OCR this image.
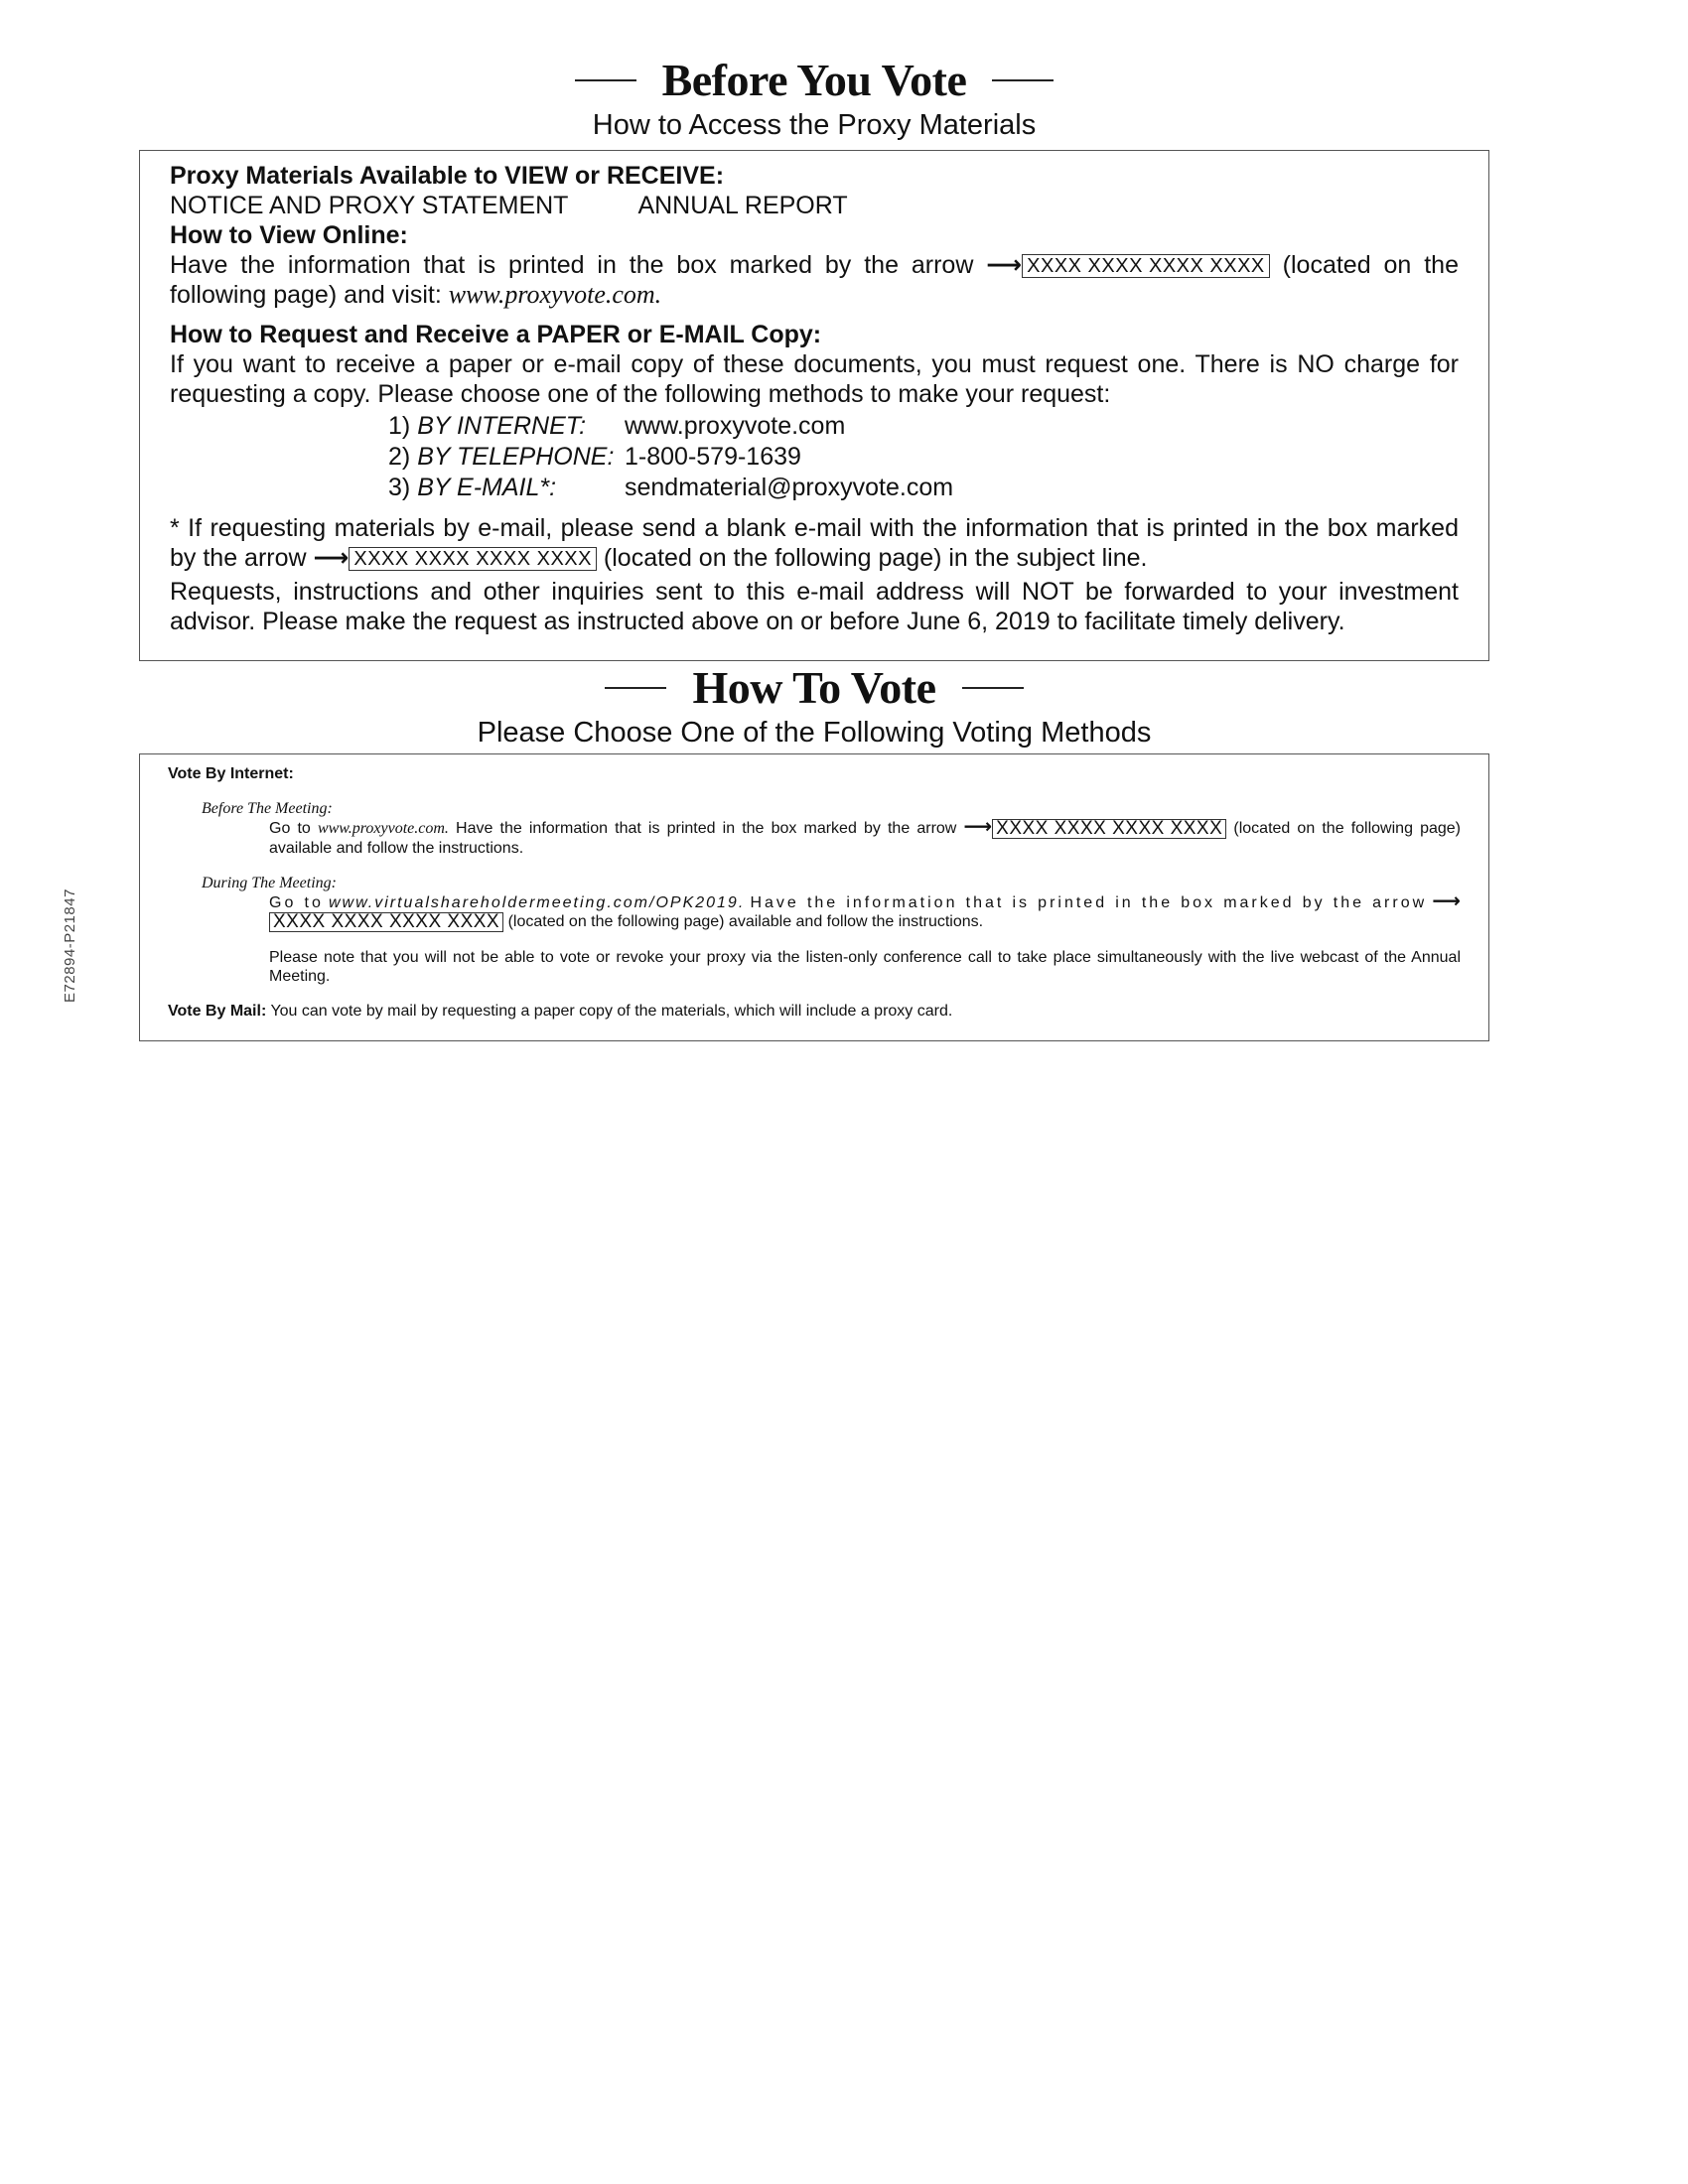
E72894-P21847
Before You Vote
How to Access the Proxy Materials
Proxy Materials Available to VIEW or RECEIVE:
NOTICE AND PROXY STATEMENT	ANNUAL REPORT
How to View Online:
Have the information that is printed in the box marked by the arrow ⟶ XXXX XXXX XXXX XXXX (located on the following page) and visit: www.proxyvote.com.
How to Request and Receive a PAPER or E-MAIL Copy:
If you want to receive a paper or e-mail copy of these documents, you must request one. There is NO charge for requesting a copy. Please choose one of the following methods to make your request:
1) BY INTERNET:	www.proxyvote.com
2) BY TELEPHONE: 1-800-579-1639
3) BY E-MAIL*:	sendmaterial@proxyvote.com
* If requesting materials by e-mail, please send a blank e-mail with the information that is printed in the box marked by the arrow ⟶ XXXX XXXX XXXX XXXX (located on the following page) in the subject line.
Requests, instructions and other inquiries sent to this e-mail address will NOT be forwarded to your investment advisor. Please make the request as instructed above on or before June 6, 2019 to facilitate timely delivery.
How To Vote
Please Choose One of the Following Voting Methods
Vote By Internet:
Before The Meeting:
Go to www.proxyvote.com. Have the information that is printed in the box marked by the arrow ⟶ XXXX XXXX XXXX XXXX (located on the following page) available and follow the instructions.
During The Meeting:
Go to www.virtualshareholdermeeting.com/OPK2019. Have the information that is printed in the box marked by the arrow ⟶XXXX XXXX XXXX XXXX (located on the following page) available and follow the instructions.
Please note that you will not be able to vote or revoke your proxy via the listen-only conference call to take place simultaneously with the live webcast of the Annual Meeting.
Vote By Mail: You can vote by mail by requesting a paper copy of the materials, which will include a proxy card.
